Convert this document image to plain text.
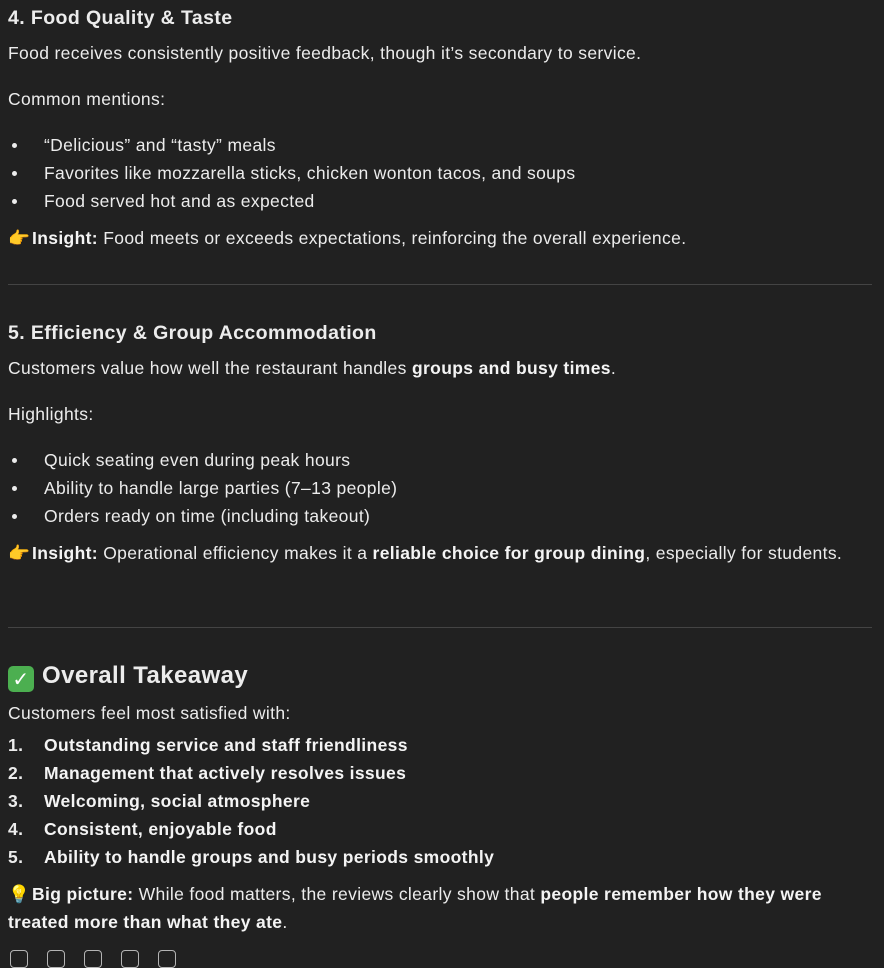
4. Food Quality & Taste

Food receives consistently positive feedback, though it’s secondary to service.

Common mentions:

“Delicious” and “tasty” meals
Favorites like mozzarella sticks, chicken wonton tacos, and soups
Food served hot and as expected

👉 Insight: Food meets or exceeds expectations, reinforcing the overall experience.

5. Efficiency & Group Accommodation

Customers value how well the restaurant handles groups and busy times.

Highlights:

Quick seating even during peak hours
Ability to handle large parties (7–13 people)
Orders ready on time (including takeout)

👉 Insight: Operational efficiency makes it a reliable choice for group dining, especially for students.

✓ Overall Takeaway

Customers feel most satisfied with:

1. Outstanding service and staff friendliness
2. Management that actively resolves issues
3. Welcoming, social atmosphere
4. Consistent, enjoyable food
5. Ability to handle groups and busy periods smoothly

💡 Big picture: While food matters, the reviews clearly show that people remember how they were treated more than what they ate.
